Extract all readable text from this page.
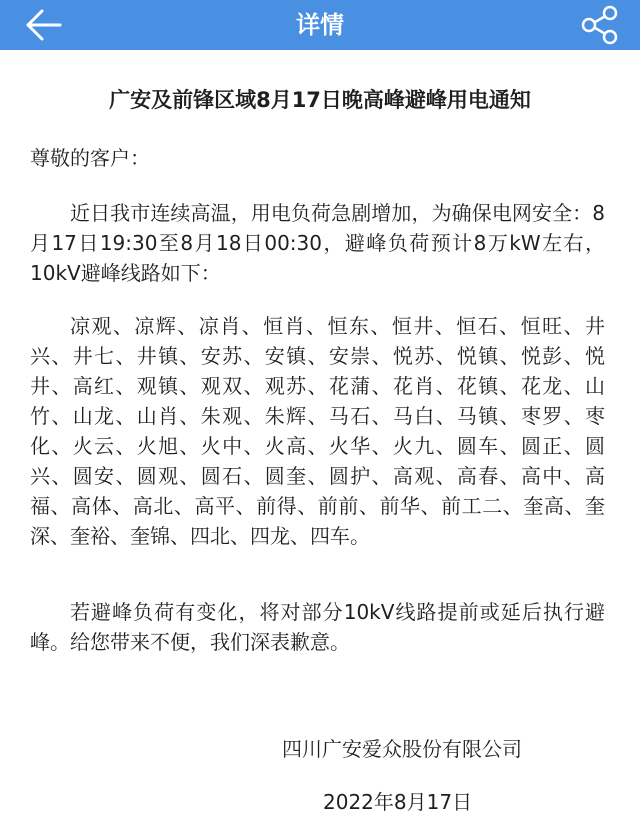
详情
广安及前锋区域8月17日晚高峰避峰用电通知

尊敬的客户：

近日我市连续高温，用电负荷急剧增加，为确保电网安全：8月17日19:30至8月18日00:30，避峰负荷预计8万kW左右，10kV避峰线路如下：

凉观、凉辉、凉肖、恒肖、恒东、恒井、恒石、恒旺、井兴、井七、井镇、安苏、安镇、安崇、悦苏、悦镇、悦彭、悦井、高红、观镇、观双、观苏、花蒲、花肖、花镇、花龙、山竹、山龙、山肖、朱观、朱辉、马石、马白、马镇、枣罗、枣化、火云、火旭、火中、火高、火华、火九、圆车、圆正、圆兴、圆安、圆观、圆石、圆奎、圆护、高观、高春、高中、高福、高体、高北、高平、前得、前前、前华、前工二、奎高、奎深、奎裕、奎锦、四北、四龙、四车。

若避峰负荷有变化，将对部分10kV线路提前或延后执行避峰。给您带来不便，我们深表歉意。

四川广安爱众股份有限公司
2022年8月17日
